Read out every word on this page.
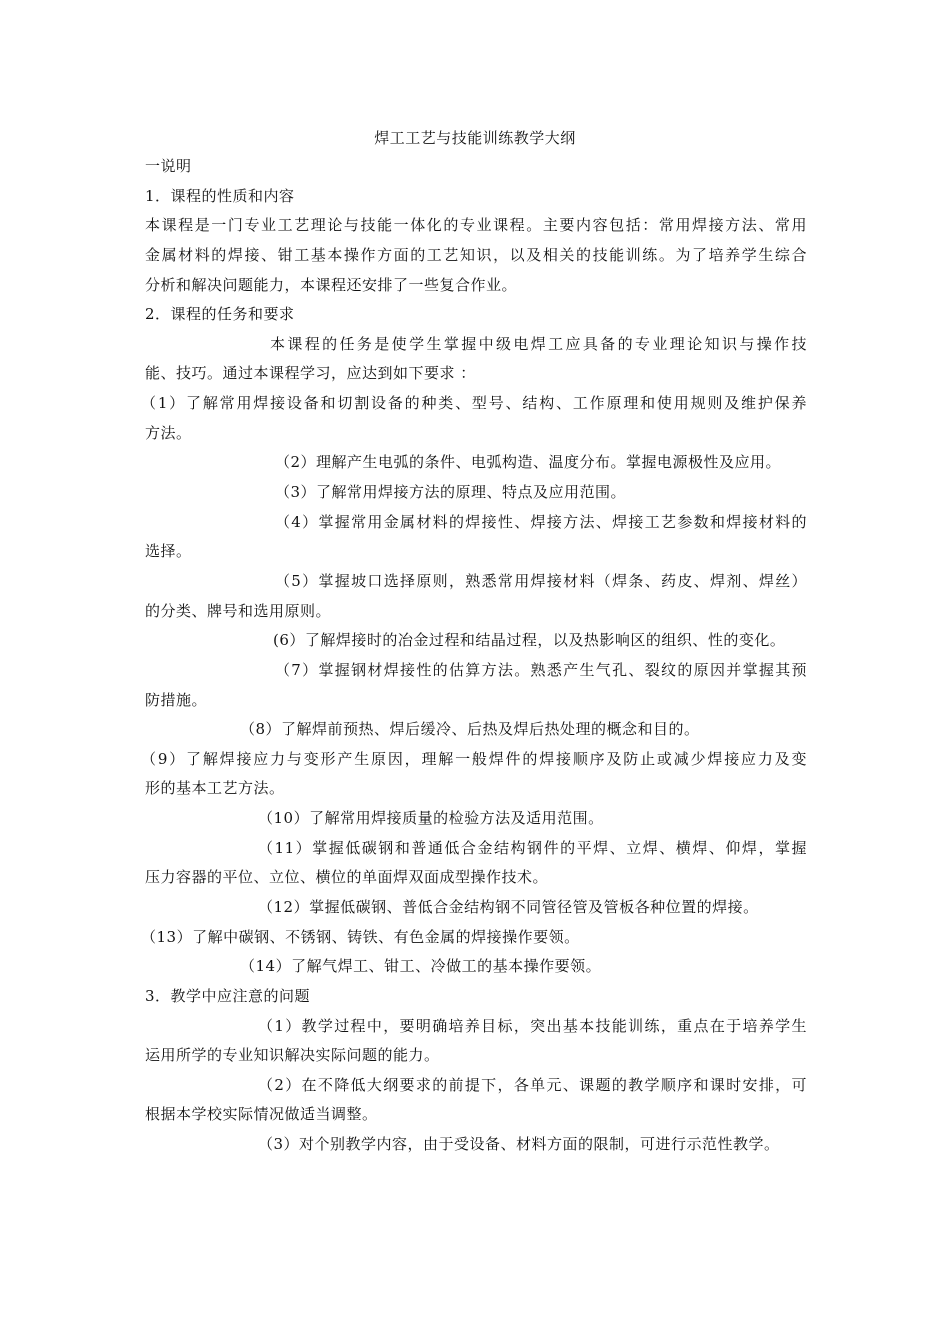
焊工工艺与技能训练教学大纲
一说明
1．课程的性质和内容
本课程是一门专业工艺理论与技能一体化的专业课程。主要内容包括：常用焊接方法、常用
金属材料的焊接、钳工基本操作方面的工艺知识，以及相关的技能训练。为了培养学生综合
分析和解决问题能力，本课程还安排了一些复合作业。
2．课程的任务和要求
本课程的任务是使学生掌握中级电焊工应具备的专业理论知识与操作技
能、技巧。通过本课程学习，应达到如下要求 ：
（1）了解常用焊接设备和切割设备的种类、型号、结构、工作原理和使用规则及维护保养
方法。
（2）理解产生电弧的条件、电弧构造、温度分布。掌握电源极性及应用。
（3）了解常用焊接方法的原理、特点及应用范围。
（4）掌握常用金属材料的焊接性、焊接方法、焊接工艺参数和焊接材料的
选择。
（5）掌握坡口选择原则，熟悉常用焊接材料（焊条、药皮、焊剂、焊丝）
的分类、牌号和选用原则。
(6）了解焊接时的冶金过程和结晶过程，以及热影响区的组织、性的变化。
（7）掌握钢材焊接性的估算方法。熟悉产生气孔、裂纹的原因并掌握其预
防措施。
（8）了解焊前预热、焊后缓冷、后热及焊后热处理的概念和目的。
（9）了解焊接应力与变形产生原因，理解一般焊件的焊接顺序及防止或减少焊接应力及变
形的基本工艺方法。
（10）了解常用焊接质量的检验方法及适用范围。
（11）掌握低碳钢和普通低合金结构钢件的平焊、立焊、横焊、仰焊，掌握
压力容器的平位、立位、横位的单面焊双面成型操作技术。
（12）掌握低碳钢、普低合金结构钢不同管径管及管板各种位置的焊接。
（13）了解中碳钢、不锈钢、铸铁、有色金属的焊接操作要领。
（14）了解气焊工、钳工、冷做工的基本操作要领。
3．教学中应注意的问题
（1）教学过程中，要明确培养目标，突出基本技能训练，重点在于培养学生
运用所学的专业知识解决实际问题的能力。
（2）在不降低大纲要求的前提下，各单元、课题的教学顺序和课时安排，可
根据本学校实际情况做适当调整。
（3）对个别教学内容，由于受设备、材料方面的限制，可进行示范性教学。
